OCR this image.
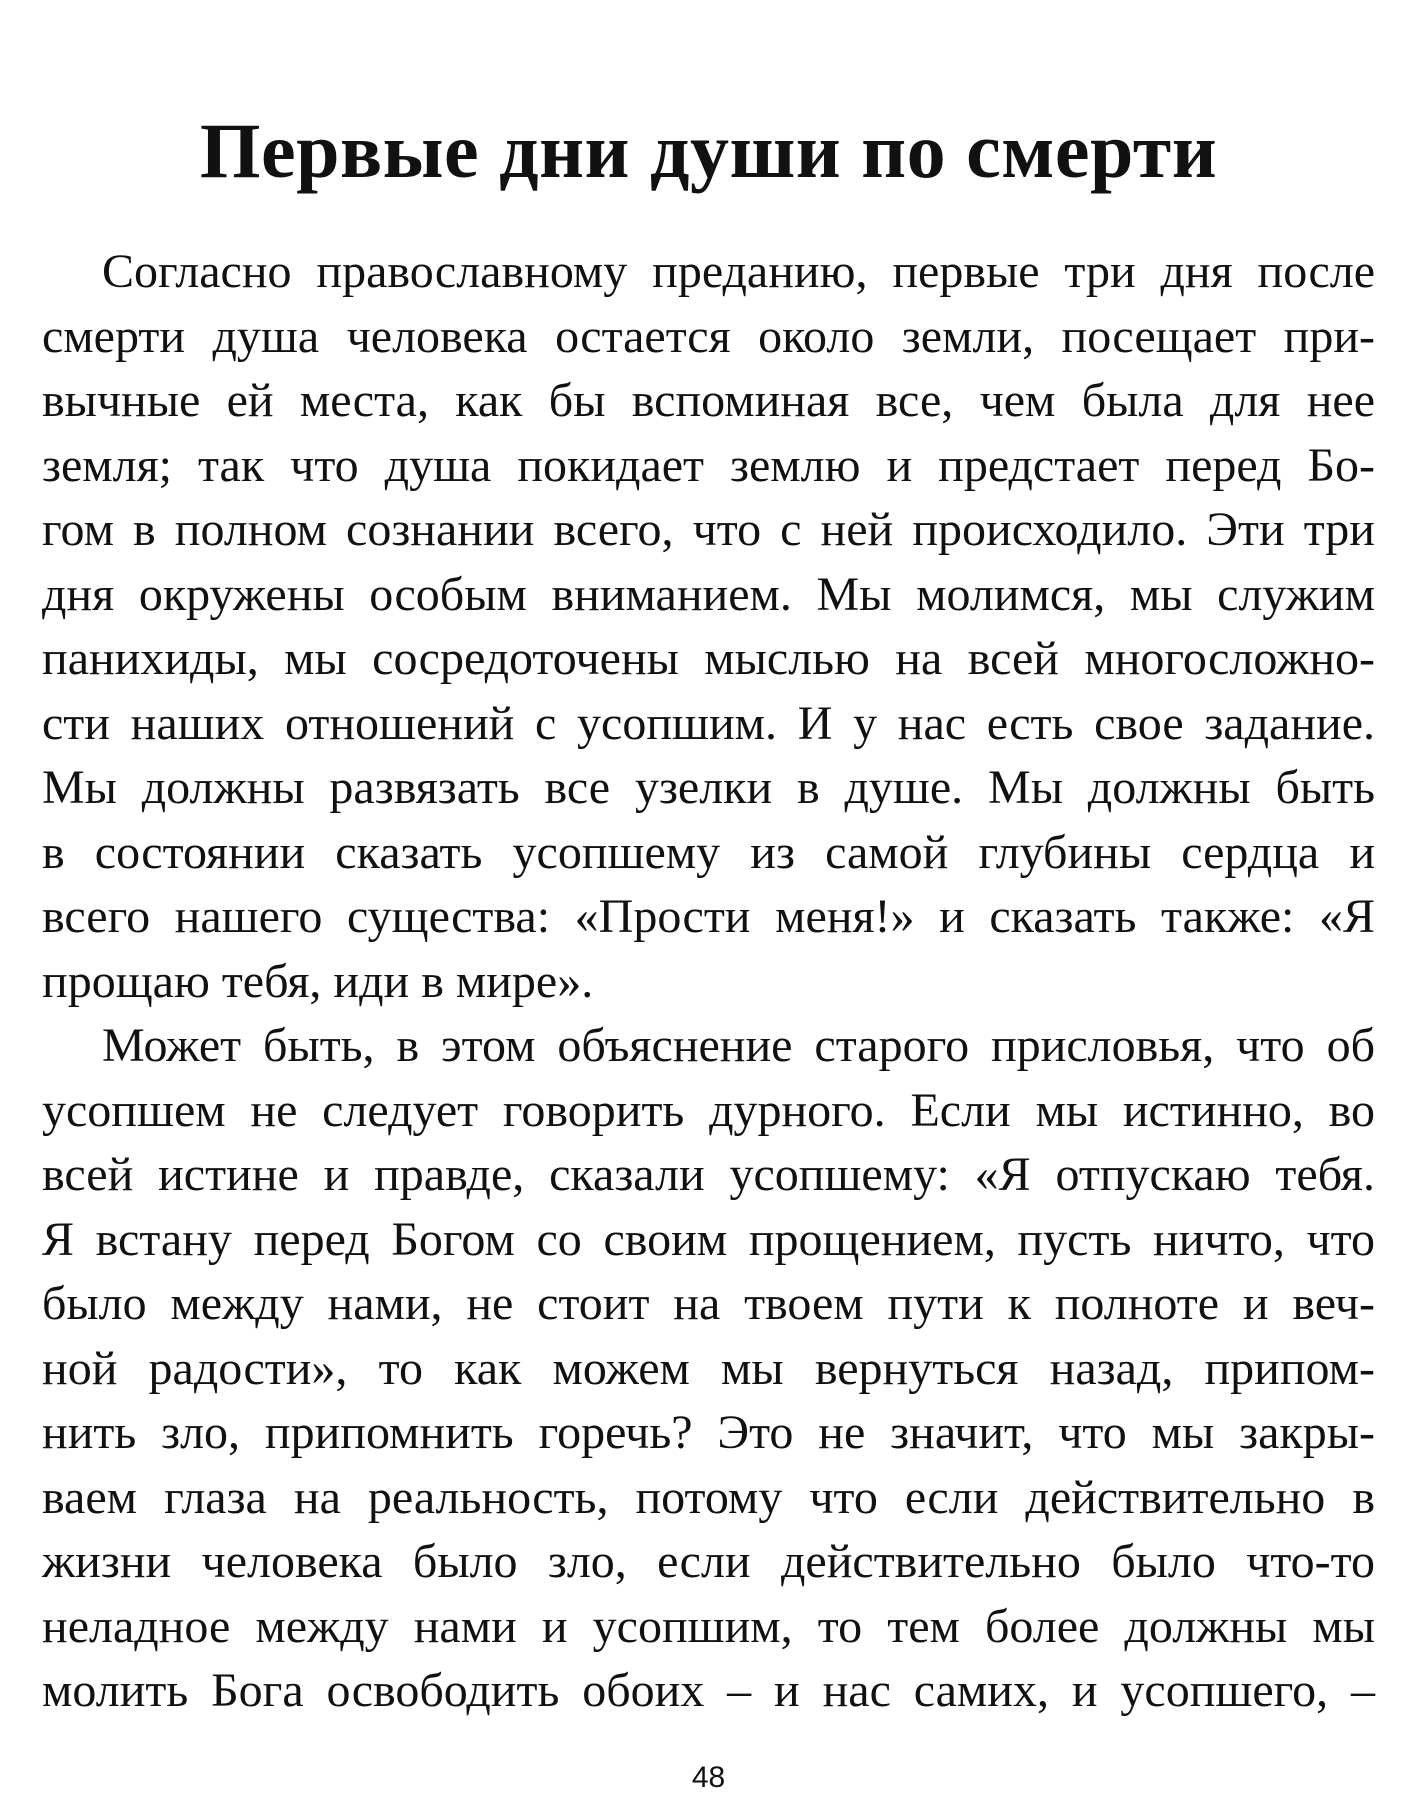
Первые дни души по смерти
Согласно православному преданию, первые три дня после
смерти душа человека остается около земли, посещает при-
вычные ей места, как бы вспоминая все, чем была для нее
земля; так что душа покидает землю и предстает перед Бо-
гом в полном сознании всего, что с ней происходило. Эти три
дня окружены особым вниманием. Мы молимся, мы служим
панихиды, мы сосредоточены мыслью на всей многосложно-
сти наших отношений с усопшим. И у нас есть свое задание.
Мы должны развязать все узелки в душе. Мы должны быть
в состоянии сказать усопшему из самой глубины сердца и
всего нашего существа: «Прости меня!» и сказать также: «Я
прощаю тебя, иди в мире».
Может быть, в этом объяснение старого присловья, что об
усопшем не следует говорить дурного. Если мы истинно, во
всей истине и правде, сказали усопшему: «Я отпускаю тебя.
Я встану перед Богом со своим прощением, пусть ничто, что
было между нами, не стоит на твоем пути к полноте и веч-
ной радости», то как можем мы вернуться назад, припом-
нить зло, припомнить горечь? Это не значит, что мы закры-
ваем глаза на реальность, потому что если действительно в
жизни человека было зло, если действительно было что-то
неладное между нами и усопшим, то тем более должны мы
молить Бога освободить обоих – и нас самих, и усопшего, –
48
